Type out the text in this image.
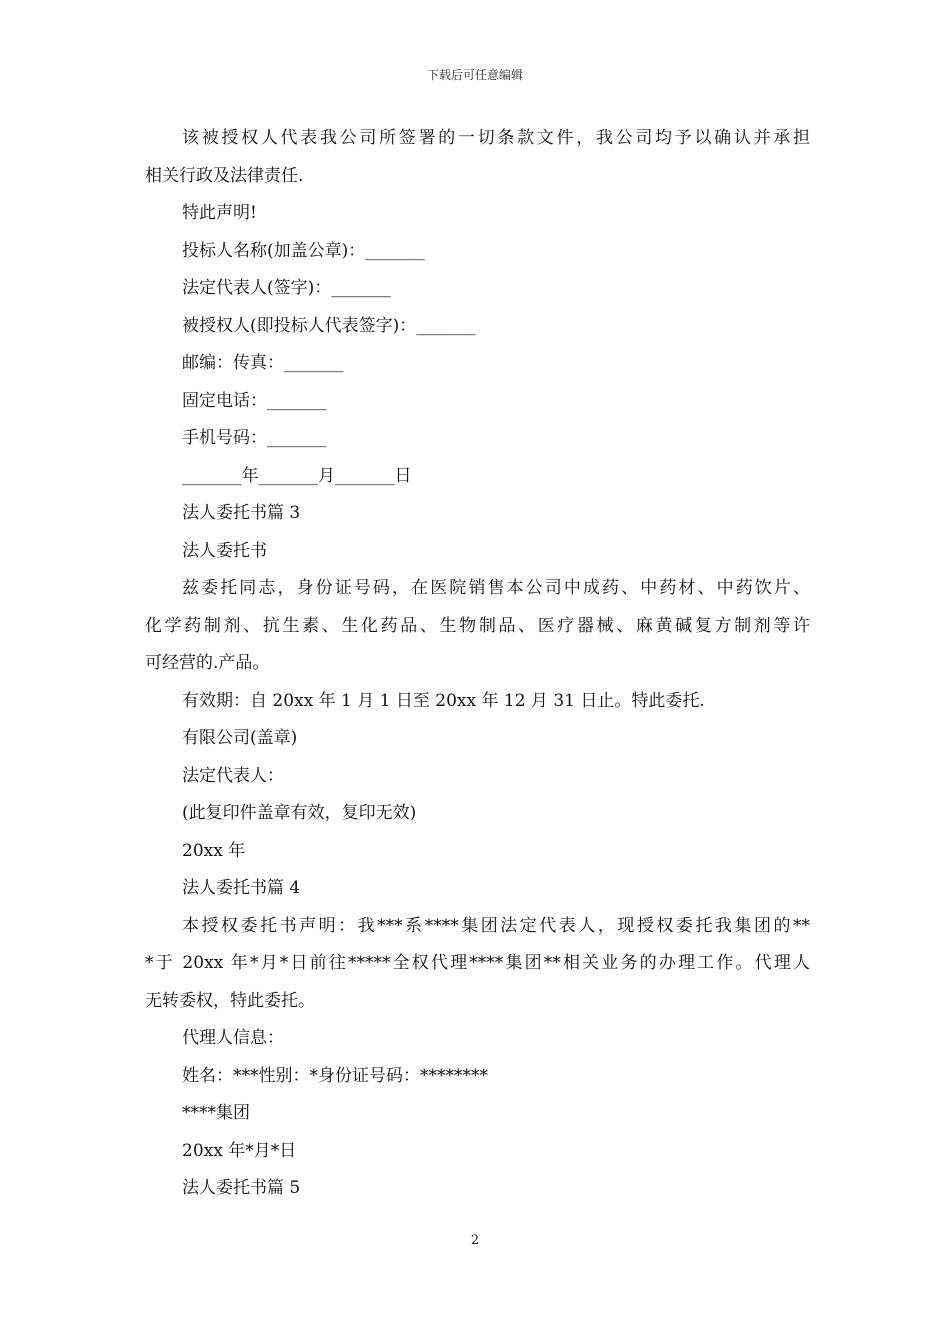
下载后可任意编辑
该被授权人代表我公司所签署的一切条款文件，我公司均予以确认并承担
相关行政及法律责任.
特此声明!
投标人名称(加盖公章)：_______
法定代表人(签字)：_______
被授权人(即投标人代表签字)：_______
邮编：传真：_______
固定电话：_______
手机号码：_______
_______年_______月_______日
法人委托书篇 3
法人委托书
兹委托同志，身份证号码，在医院销售本公司中成药、中药材、中药饮片、
化学药制剂、抗生素、生化药品、生物制品、医疗器械、麻黄碱复方制剂等许
可经营的.产品。
有效期：自 20xx 年 1 月 1 日至 20xx 年 12 月 31 日止。特此委托.
有限公司(盖章)
法定代表人：
(此复印件盖章有效，复印无效)
20xx 年
法人委托书篇 4
本授权委托书声明：我***系****集团法定代表人，现授权委托我集团的**
*于 20xx 年*月*日前往*****全权代理****集团**相关业务的办理工作。代理人
无转委权，特此委托。
代理人信息：
姓名：***性别：*身份证号码：********
****集团
20xx 年*月*日
法人委托书篇 5
2
